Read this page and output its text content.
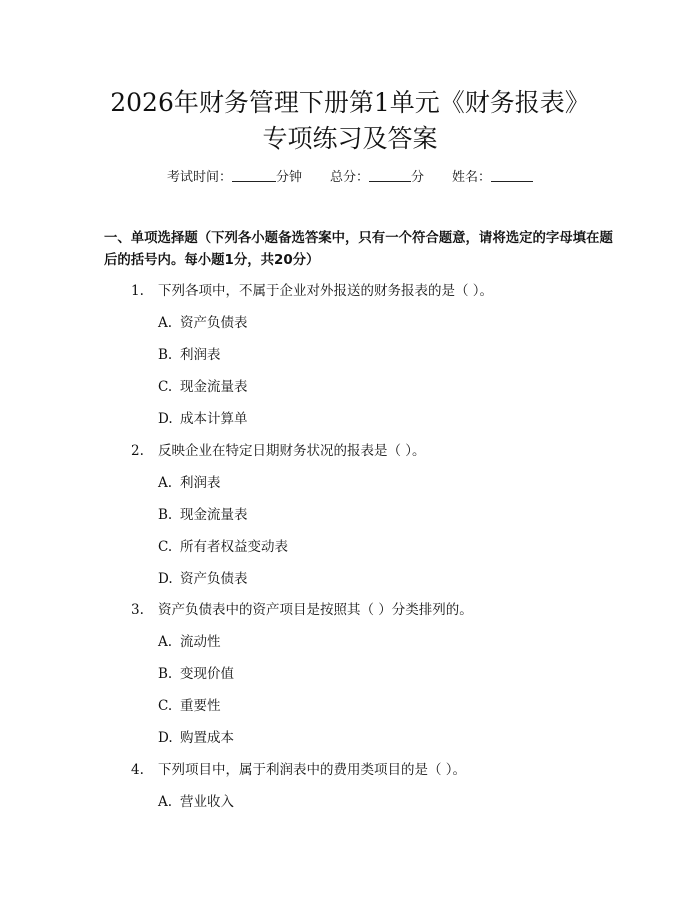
2026年财务管理下册第1单元《财务报表》
专项练习及答案
考试时间：	分钟 总分：	分 姓名：
一、单项选择题（下列各小题备选答案中，只有一个符合题意，请将选定的字母填在题后的括号内。每小题1分，共20分）
1. 下列各项中，不属于企业对外报送的财务报表的是（ ）。
A. 资产负债表
B. 利润表
C. 现金流量表
D. 成本计算单
2. 反映企业在特定日期财务状况的报表是（ ）。
A. 利润表
B. 现金流量表
C. 所有者权益变动表
D. 资产负债表
3. 资产负债表中的资产项目是按照其（ ）分类排列的。
A. 流动性
B. 变现价值
C. 重要性
D. 购置成本
4. 下列项目中，属于利润表中的费用类项目的是（ ）。
A. 营业收入
